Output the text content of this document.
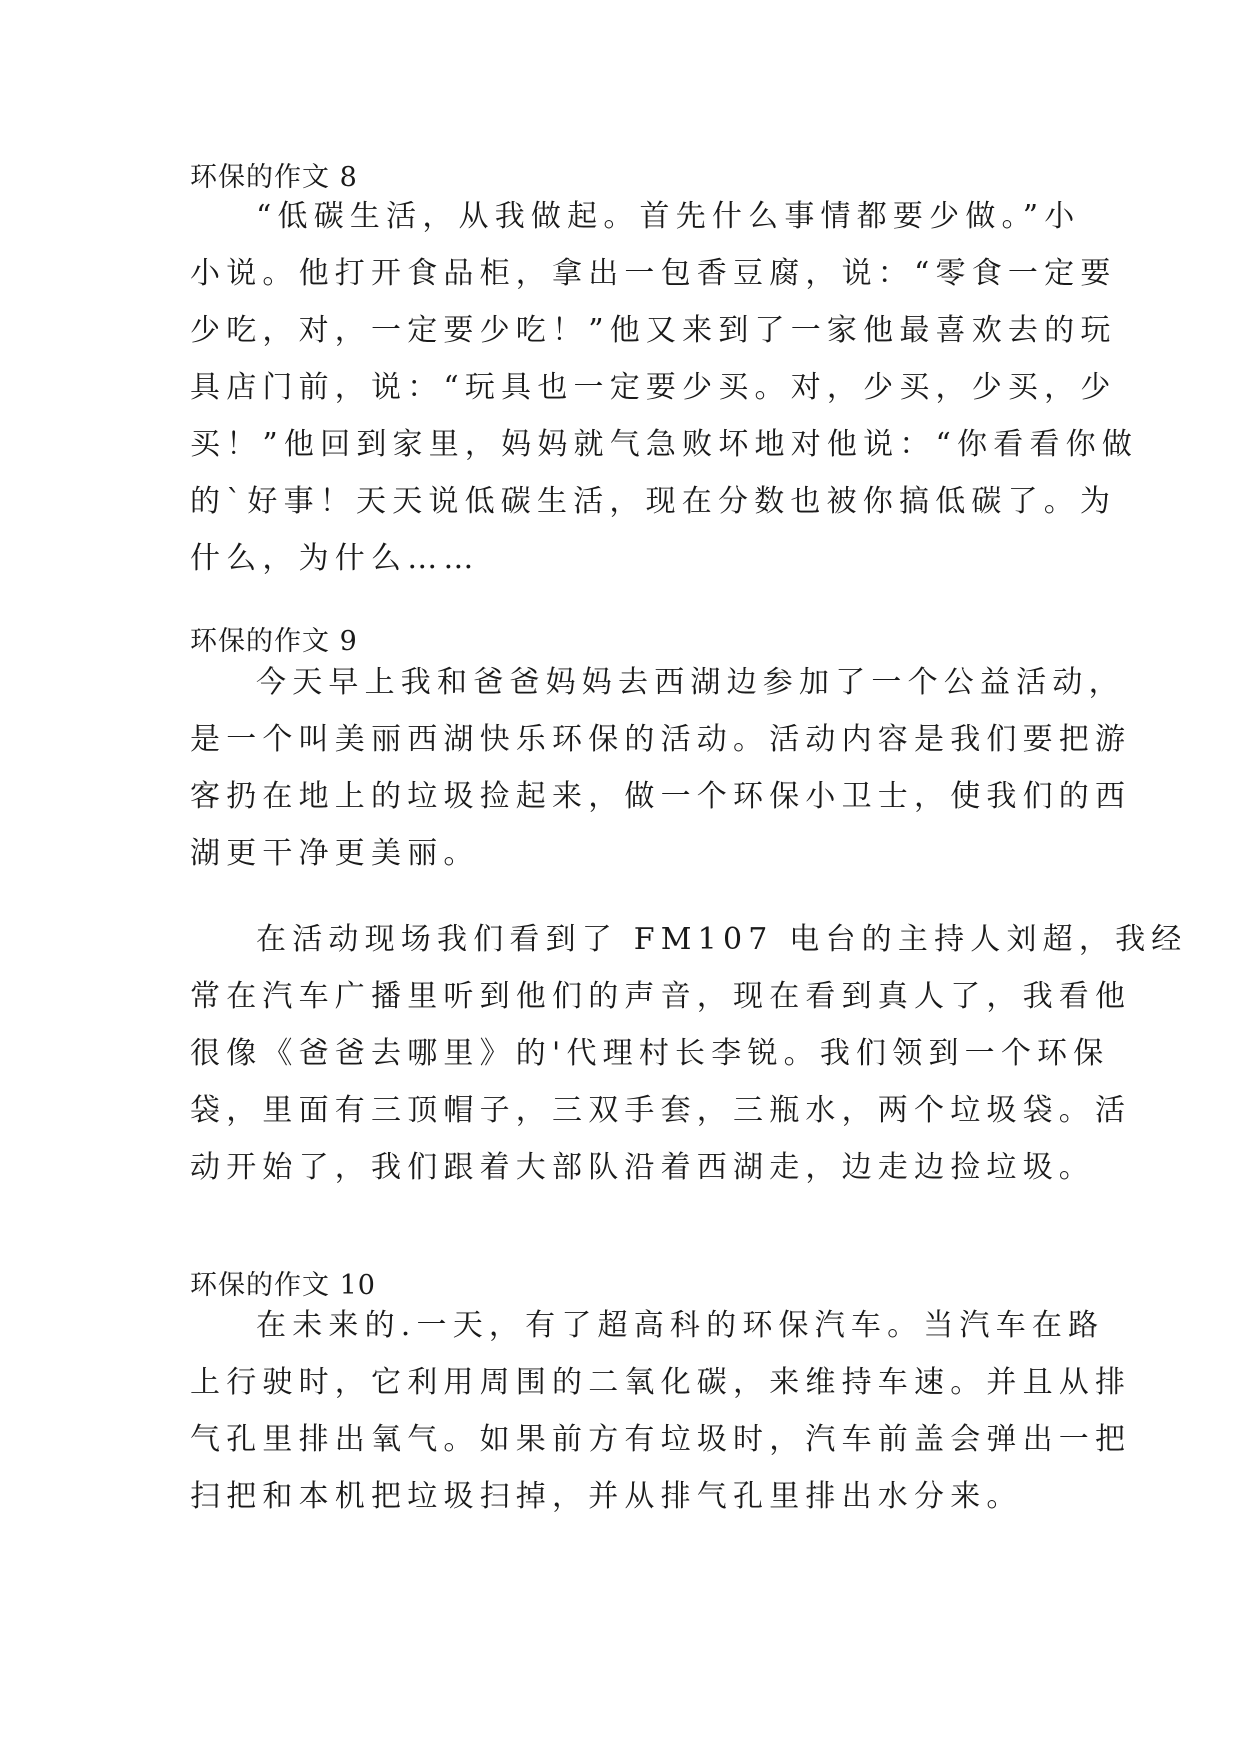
环保的作文 8
“低碳生活，从我做起。首先什么事情都要少做。”小
小说。他打开食品柜，拿出一包香豆腐，说：“零食一定要
少吃，对，一定要少吃！”他又来到了一家他最喜欢去的玩
具店门前，说：“玩具也一定要少买。对，少买，少买，少
买！”他回到家里，妈妈就气急败坏地对他说：“你看看你做
的`好事！天天说低碳生活，现在分数也被你搞低碳了。为
什么，为什么……
环保的作文 9
今天早上我和爸爸妈妈去西湖边参加了一个公益活动，
是一个叫美丽西湖快乐环保的活动。活动内容是我们要把游
客扔在地上的垃圾捡起来，做一个环保小卫士，使我们的西
湖更干净更美丽。
在活动现场我们看到了 FM107 电台的主持人刘超，我经
常在汽车广播里听到他们的声音，现在看到真人了，我看他
很像《爸爸去哪里》的'代理村长李锐。我们领到一个环保
袋，里面有三顶帽子，三双手套，三瓶水，两个垃圾袋。活
动开始了，我们跟着大部队沿着西湖走，边走边捡垃圾。
环保的作文 10
在未来的.一天，有了超高科的环保汽车。当汽车在路
上行驶时，它利用周围的二氧化碳，来维持车速。并且从排
气孔里排出氧气。如果前方有垃圾时，汽车前盖会弹出一把
扫把和本机把垃圾扫掉，并从排气孔里排出水分来。
